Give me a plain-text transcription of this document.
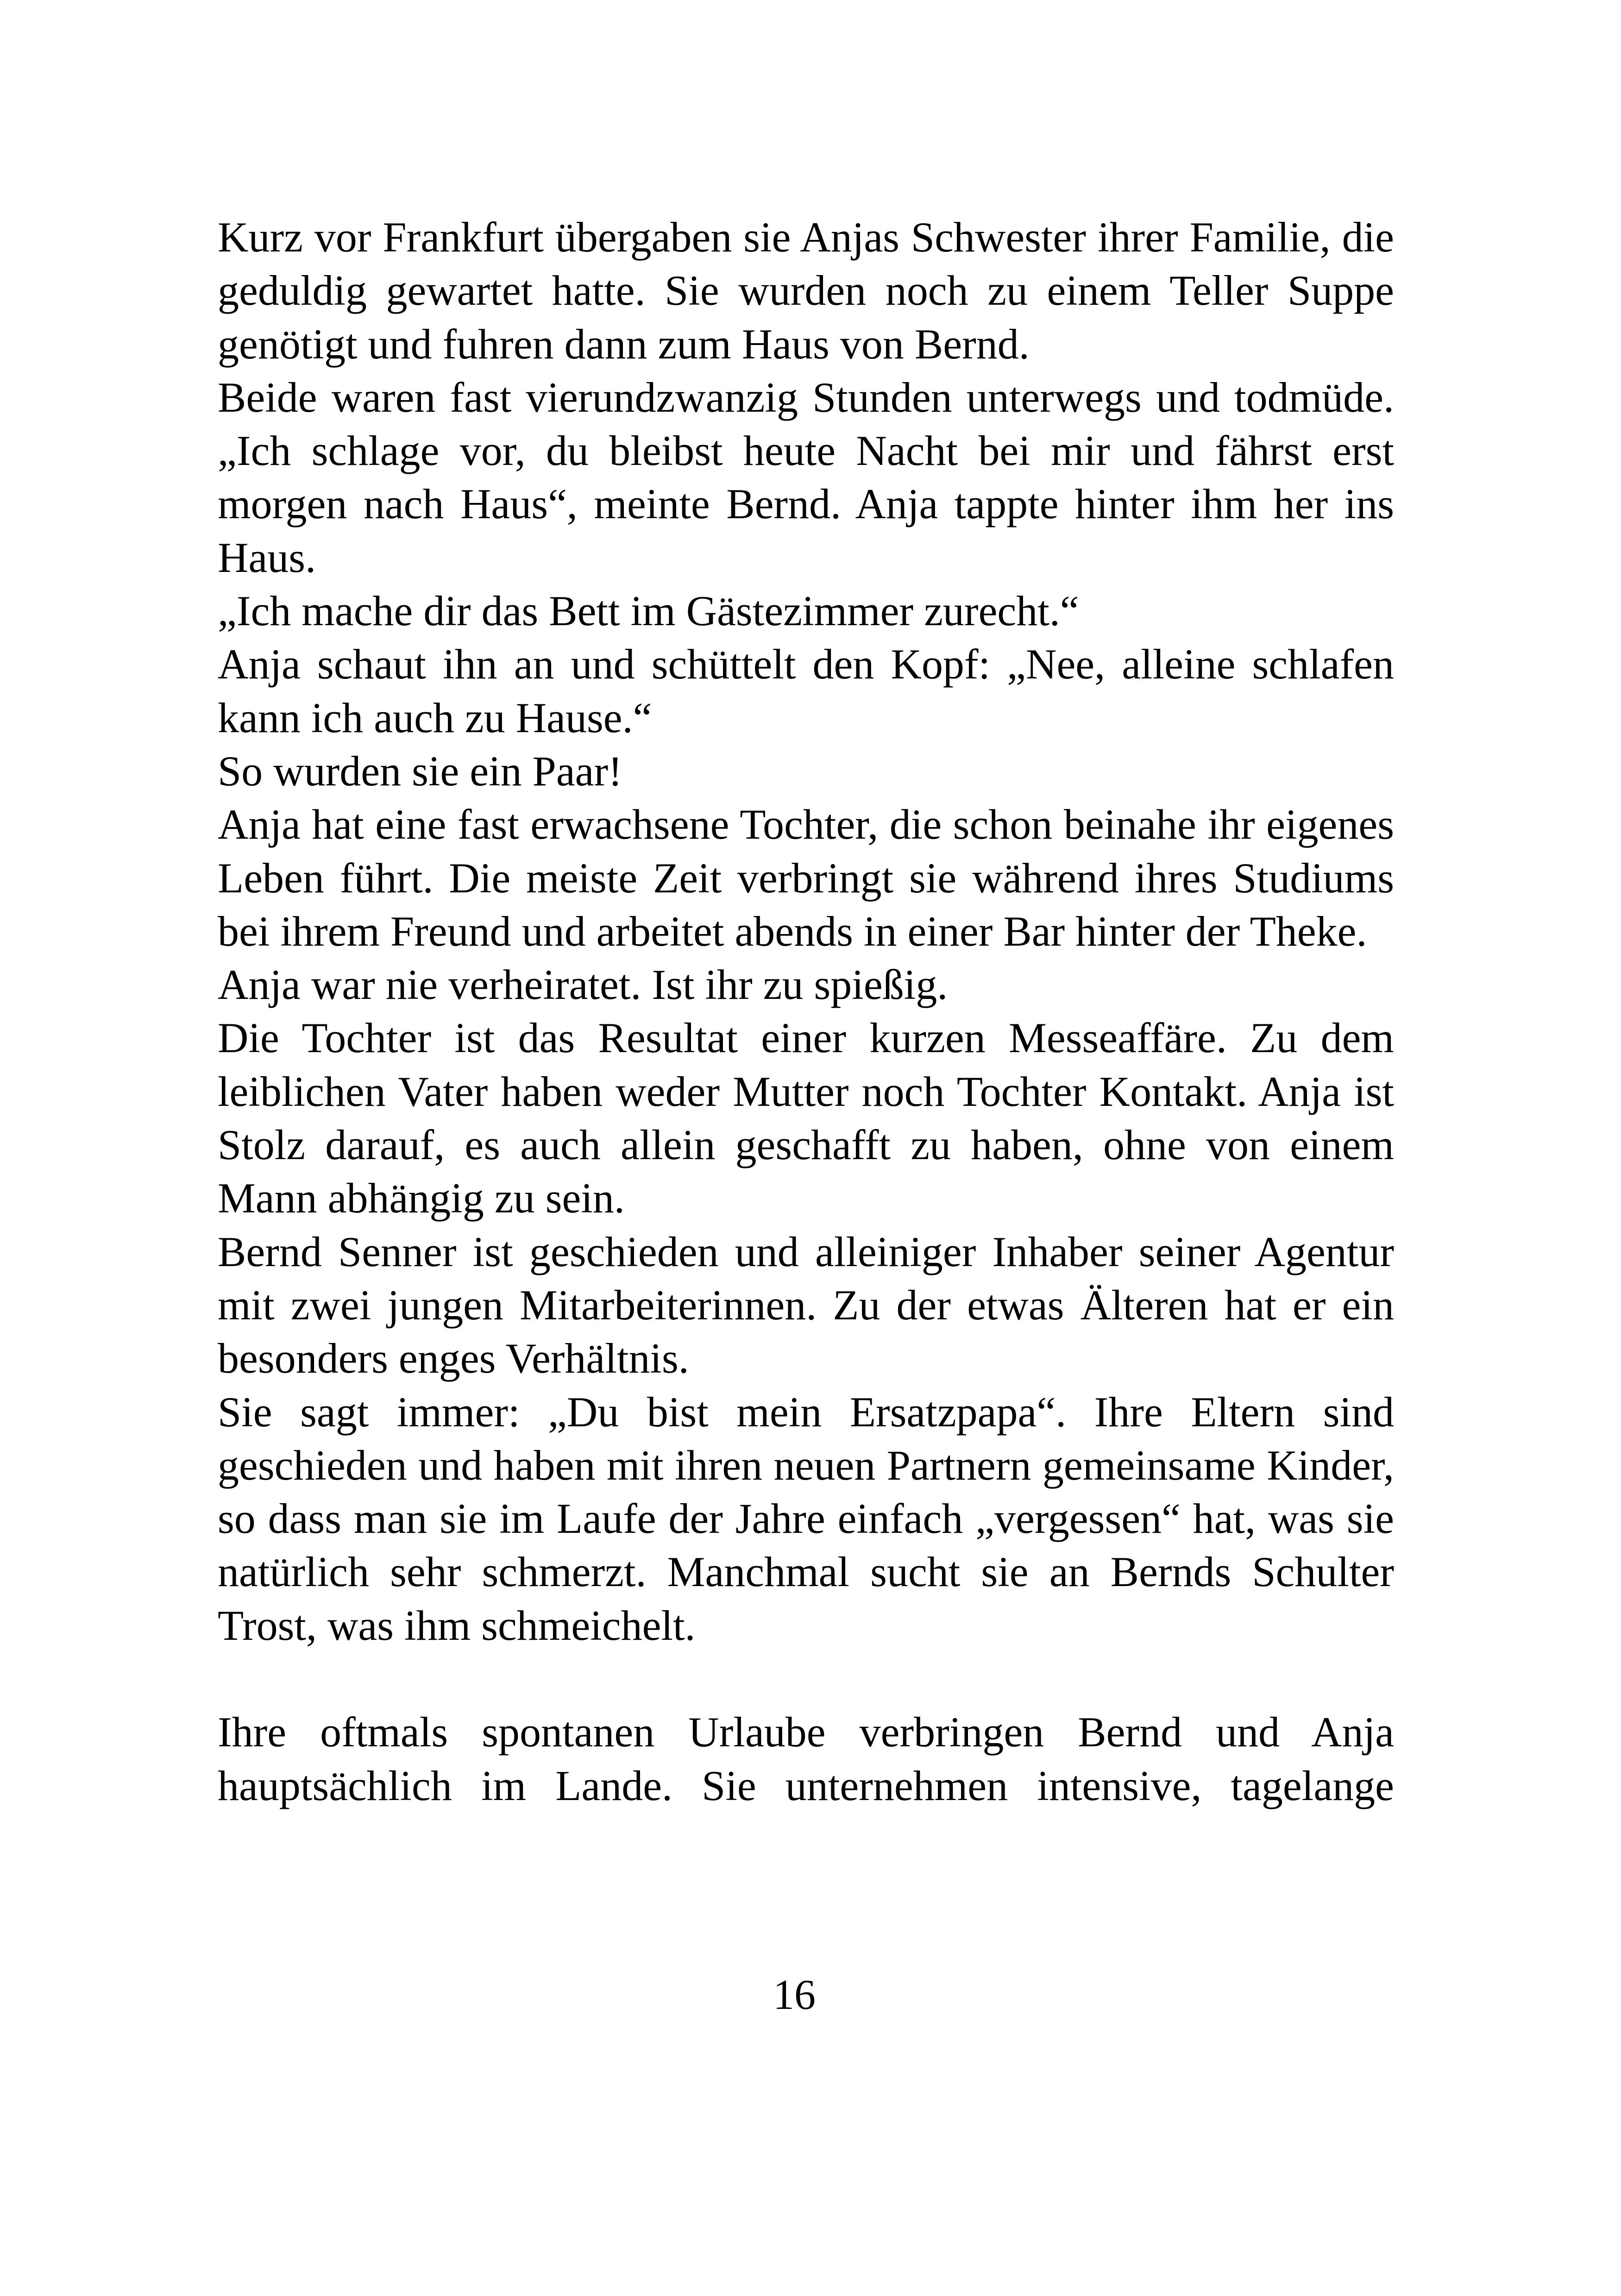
Kurz vor Frankfurt übergaben sie Anjas Schwester ihrer Familie, die geduldig gewartet hatte. Sie wurden noch zu einem Teller Suppe genötigt und fuhren dann zum Haus von Bernd.

Beide waren fast vierundzwanzig Stunden unterwegs und todmüde. „Ich schlage vor, du bleibst heute Nacht bei mir und fährst erst morgen nach Haus“, meinte Bernd. Anja tappte hinter ihm her ins Haus.

„Ich mache dir das Bett im Gästezimmer zurecht.“

Anja schaut ihn an und schüttelt den Kopf: „Nee, alleine schlafen kann ich auch zu Hause.“

So wurden sie ein Paar!

Anja hat eine fast erwachsene Tochter, die schon beinahe ihr eigenes Leben führt. Die meiste Zeit verbringt sie während ihres Studiums bei ihrem Freund und arbeitet abends in einer Bar hinter der Theke.

Anja war nie verheiratet. Ist ihr zu spießig.

Die Tochter ist das Resultat einer kurzen Messeaffäre. Zu dem leiblichen Vater haben weder Mutter noch Tochter Kontakt. Anja ist Stolz darauf, es auch allein geschafft zu haben, ohne von einem Mann abhängig zu sein.

Bernd Senner ist geschieden und alleiniger Inhaber seiner Agentur mit zwei jungen Mitarbeiterinnen. Zu der etwas Älteren hat er ein besonders enges Verhältnis.

Sie sagt immer: „Du bist mein Ersatzpapa“. Ihre Eltern sind geschieden und haben mit ihren neuen Partnern gemeinsame Kinder, so dass man sie im Laufe der Jahre einfach „vergessen“ hat, was sie natürlich sehr schmerzt. Manchmal sucht sie an Bernds Schulter Trost, was ihm schmeichelt.

Ihre oftmals spontanen Urlaube verbringen Bernd und Anja hauptsächlich im Lande. Sie unternehmen intensive, tagelange

16
